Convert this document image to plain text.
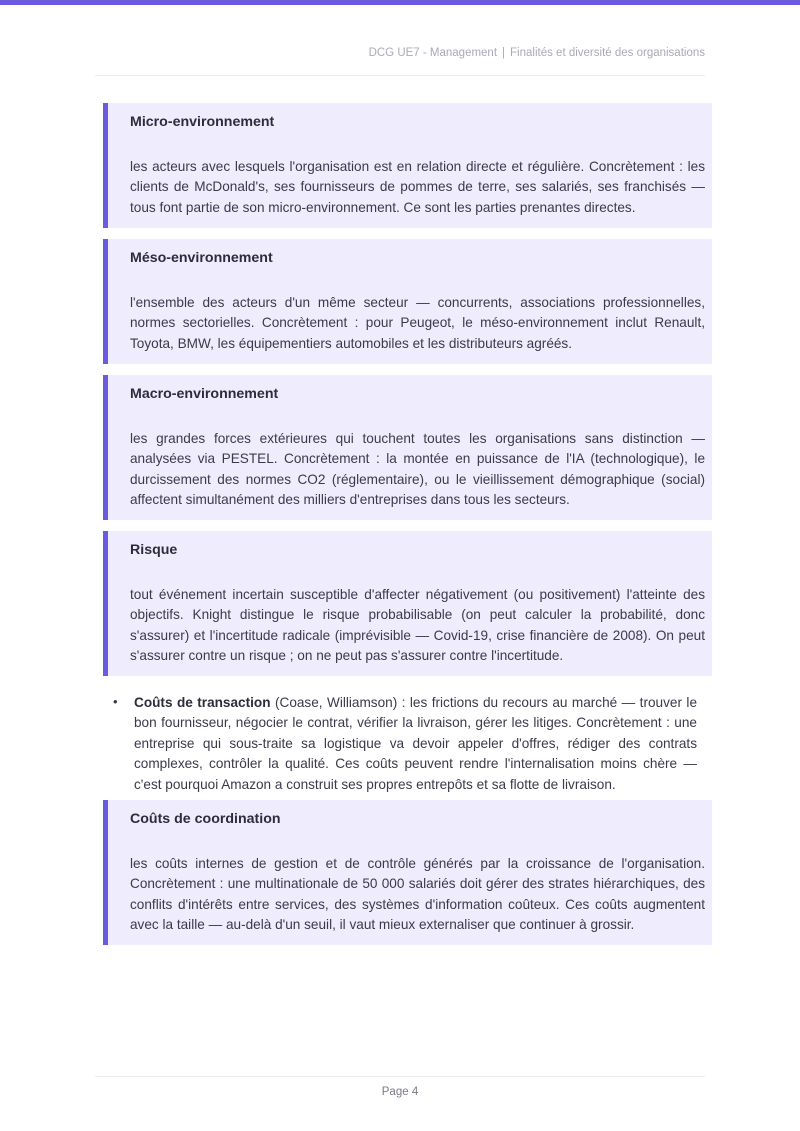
DCG UE7 - Management | Finalités et diversité des organisations
Micro-environnement
les acteurs avec lesquels l'organisation est en relation directe et régulière. Concrètement : les clients de McDonald's, ses fournisseurs de pommes de terre, ses salariés, ses franchisés — tous font partie de son micro-environnement. Ce sont les parties prenantes directes.
Méso-environnement
l'ensemble des acteurs d'un même secteur — concurrents, associations professionnelles, normes sectorielles. Concrètement : pour Peugeot, le méso-environnement inclut Renault, Toyota, BMW, les équipementiers automobiles et les distributeurs agréés.
Macro-environnement
les grandes forces extérieures qui touchent toutes les organisations sans distinction — analysées via PESTEL. Concrètement : la montée en puissance de l'IA (technologique), le durcissement des normes CO2 (réglementaire), ou le vieillissement démographique (social) affectent simultanément des milliers d'entreprises dans tous les secteurs.
Risque
tout événement incertain susceptible d'affecter négativement (ou positivement) l'atteinte des objectifs. Knight distingue le risque probabilisable (on peut calculer la probabilité, donc s'assurer) et l'incertitude radicale (imprévisible — Covid-19, crise financière de 2008). On peut s'assurer contre un risque ; on ne peut pas s'assurer contre l'incertitude.
• Coûts de transaction (Coase, Williamson) : les frictions du recours au marché — trouver le bon fournisseur, négocier le contrat, vérifier la livraison, gérer les litiges. Concrètement : une entreprise qui sous-traite sa logistique va devoir appeler d'offres, rédiger des contrats complexes, contrôler la qualité. Ces coûts peuvent rendre l'internalisation moins chère — c'est pourquoi Amazon a construit ses propres entrepôts et sa flotte de livraison.
Coûts de coordination
les coûts internes de gestion et de contrôle générés par la croissance de l'organisation. Concrètement : une multinationale de 50 000 salariés doit gérer des strates hiérarchiques, des conflits d'intérêts entre services, des systèmes d'information coûteux. Ces coûts augmentent avec la taille — au-delà d'un seuil, il vaut mieux externaliser que continuer à grossir.
Page 4
